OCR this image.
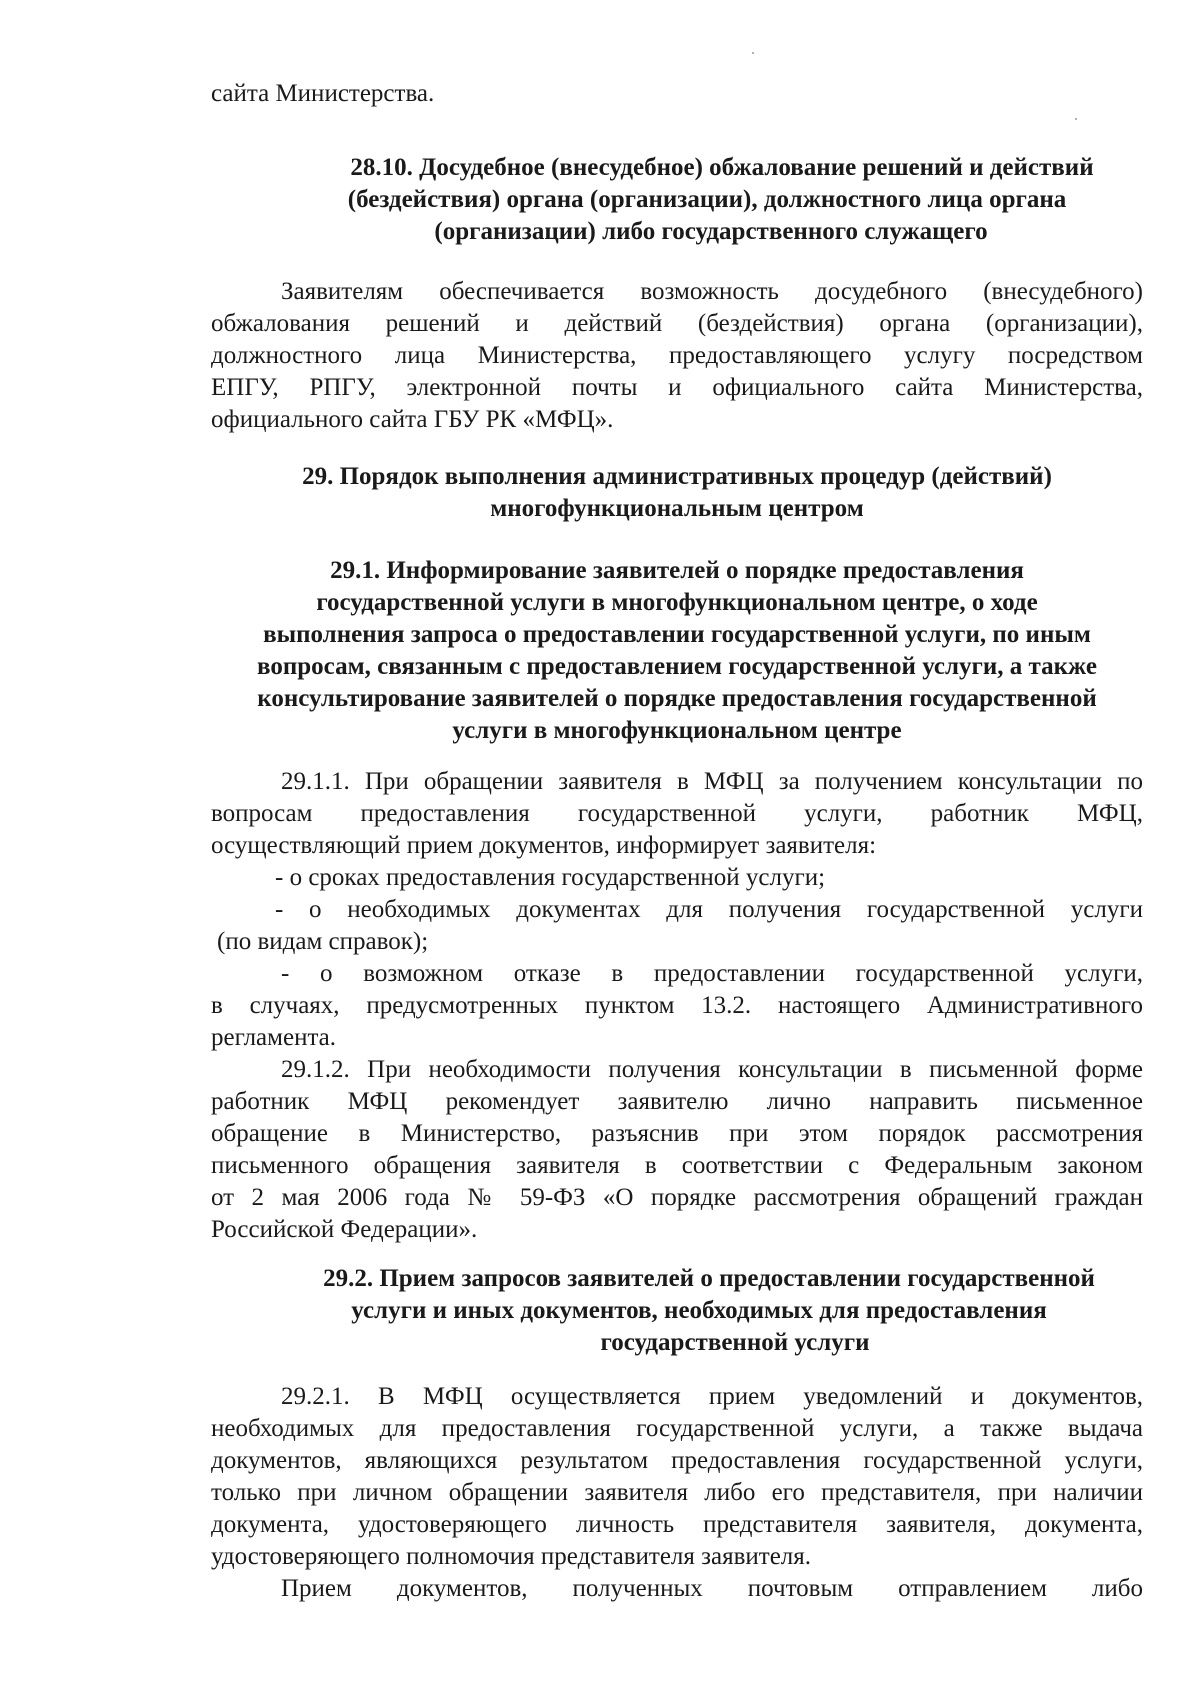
сайта Министерства.
28.10. Досудебное (внесудебное) обжалование решений и действий
(бездействия) органа (организации), должностного лица органа
(организации) либо государственного служащего
Заявителям обеспечивается возможность досудебного (внесудебного)
обжалования решений и действий (бездействия) органа (организации),
должностного лица Министерства, предоставляющего услугу посредством
ЕПГУ, РПГУ, электронной почты и официального сайта Министерства,
официального сайта ГБУ РК «МФЦ».
29. Порядок выполнения административных процедур (действий)
многофункциональным центром
29.1. Информирование заявителей о порядке предоставления
государственной услуги в многофункциональном центре, о ходе
выполнения запроса о предоставлении государственной услуги, по иным
вопросам, связанным с предоставлением государственной услуги, а также
консультирование заявителей о порядке предоставления государственной
услуги в многофункциональном центре
29.1.1. При обращении заявителя в МФЦ за получением консультации по
вопросам предоставления государственной услуги, работник МФЦ,
осуществляющий прием документов, информирует заявителя:
- о сроках предоставления государственной услуги;
- о необходимых документах для получения государственной услуги
(по видам справок);
- о возможном отказе в предоставлении государственной услуги,
в случаях, предусмотренных пунктом 13.2. настоящего Административного
регламента.
29.1.2. При необходимости получения консультации в письменной форме
работник МФЦ рекомендует заявителю лично направить письменное
обращение в Министерство, разъяснив при этом порядок рассмотрения
письменного обращения заявителя в соответствии с Федеральным законом
от 2 мая 2006 года № 59-ФЗ «О порядке рассмотрения обращений граждан
Российской Федерации».
29.2. Прием запросов заявителей о предоставлении государственной
услуги и иных документов, необходимых для предоставления
государственной услуги
29.2.1. В МФЦ осуществляется прием уведомлений и документов,
необходимых для предоставления государственной услуги, а также выдача
документов, являющихся результатом предоставления государственной услуги,
только при личном обращении заявителя либо его представителя, при наличии
документа, удостоверяющего личность представителя заявителя, документа,
удостоверяющего полномочия представителя заявителя.
Прием документов, полученных почтовым отправлением либо
